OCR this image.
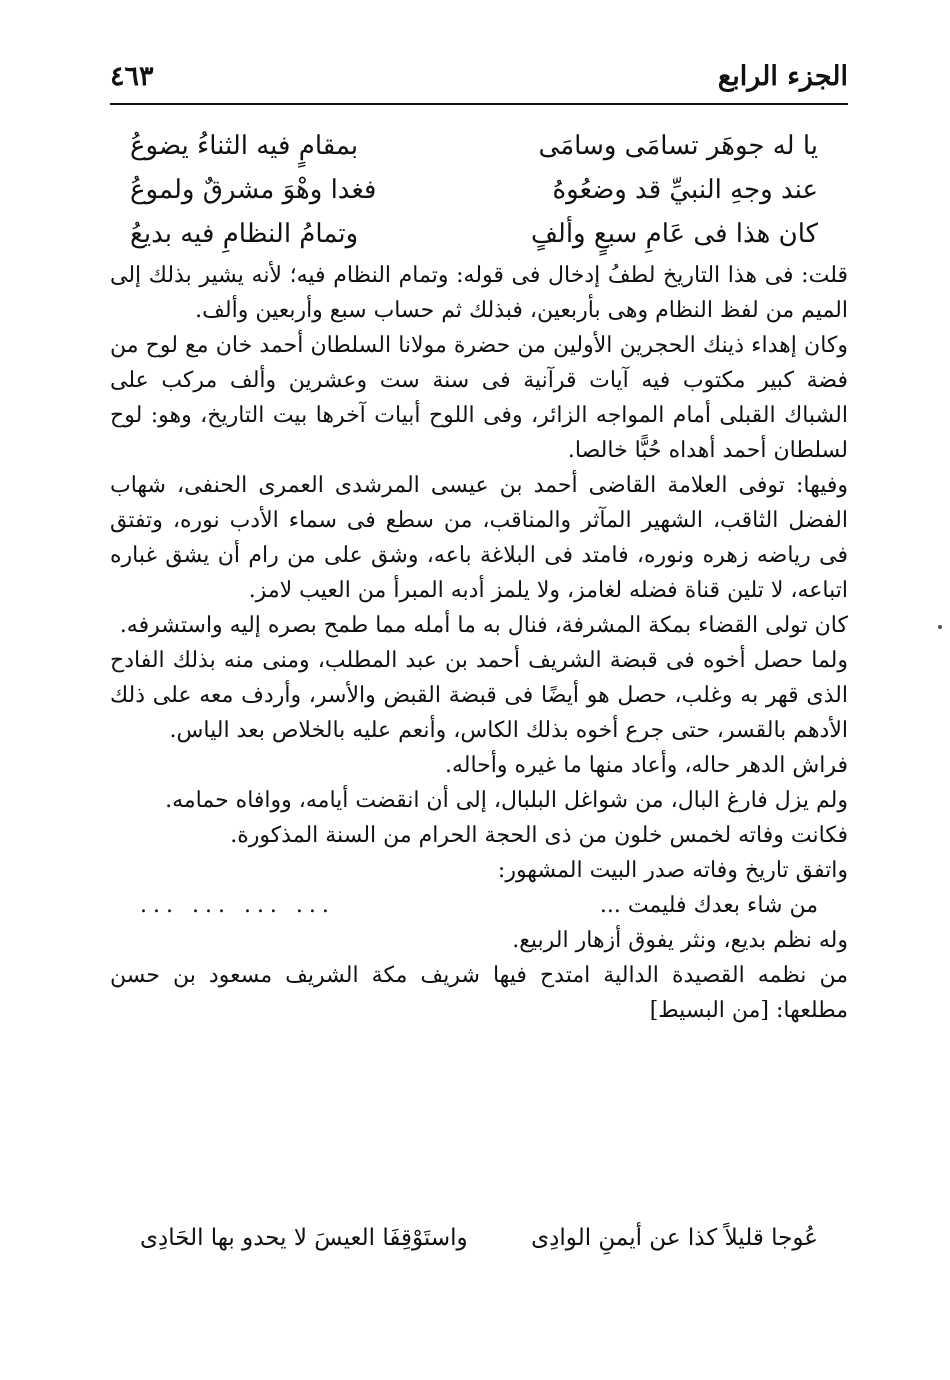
الجزء الرابع
٤٦٣
يا له جوهَر تسامَى وسامَى
بمقامٍ فيه الثناءُ يضوعُ
عند وجهِ النبيِّ قد وضعُوهُ
فغدا وهْوَ مشرقٌ ولموعُ
كان هذا فى عَامِ سبعٍ وألفٍ
وتمامُ النظامِ فيه بديعُ

قلت: فى هذا التاريخ لطفُ إدخال فى قوله: وتمام النظام فيه؛ لأنه يشير بذلك إلى الميم من لفظ النظام وهى بأربعين، فبذلك ثم حساب سبع وأربعين وألف.

وكان إهداء ذينك الحجرين الأولين من حضرة مولانا السلطان أحمد خان مع لوح من فضة كبير مكتوب فيه آيات قرآنية فى سنة ست وعشرين وألف مركب على الشباك القبلى أمام المواجه الزائر، وفى اللوح أبيات آخرها بيت التاريخ، وهو: لوح لسلطان أحمد أهداه حُبًّا خالصا.

وفيها: توفى العلامة القاضى أحمد بن عيسى المرشدى العمرى الحنفى، شهاب الفضل الثاقب، الشهير المآثر والمناقب، من سطع فى سماء الأدب نوره، وتفتق فى رياضه زهره ونوره، فامتد فى البلاغة باعه، وشق على من رام أن يشق غباره اتباعه، لا تلين قناة فضله لغامز، ولا يلمز أدبه المبرأ من العيب لامز.

كان تولى القضاء بمكة المشرفة، فنال به ما أمله مما طمح بصره إليه واستشرفه.

ولما حصل أخوه فى قبضة الشريف أحمد بن عبد المطلب، ومنى منه بذلك الفادح الذى قهر به وغلب، حصل هو أيضًا فى قبضة القبض والأسر، وأردف معه على ذلك الأدهم بالقسر، حتى جرع أخوه بذلك الكاس، وأنعم عليه بالخلاص بعد الياس.

فراش الدهر حاله، وأعاد منها ما غيره وأحاله.

ولم يزل فارغ البال، من شواغل البلبال، إلى أن انقضت أيامه، ووافاه حمامه.

فكانت وفاته لخمس خلون من ذى الحجة الحرام من السنة المذكورة.

واتفق تاريخ وفاته صدر البيت المشهور:

من شاء بعدك فليمت ...
... ... ... ...

وله نظم بديع، ونثر يفوق أزهار الربيع.

من نظمه القصيدة الدالية امتدح فيها شريف مكة الشريف مسعود بن حسن مطلعها: [من البسيط]

عُوجا قليلاً كذا عن أيمنِ الوادِى
واستَوْقِفَا العيسَ لا يحدو بها الحَادِى
